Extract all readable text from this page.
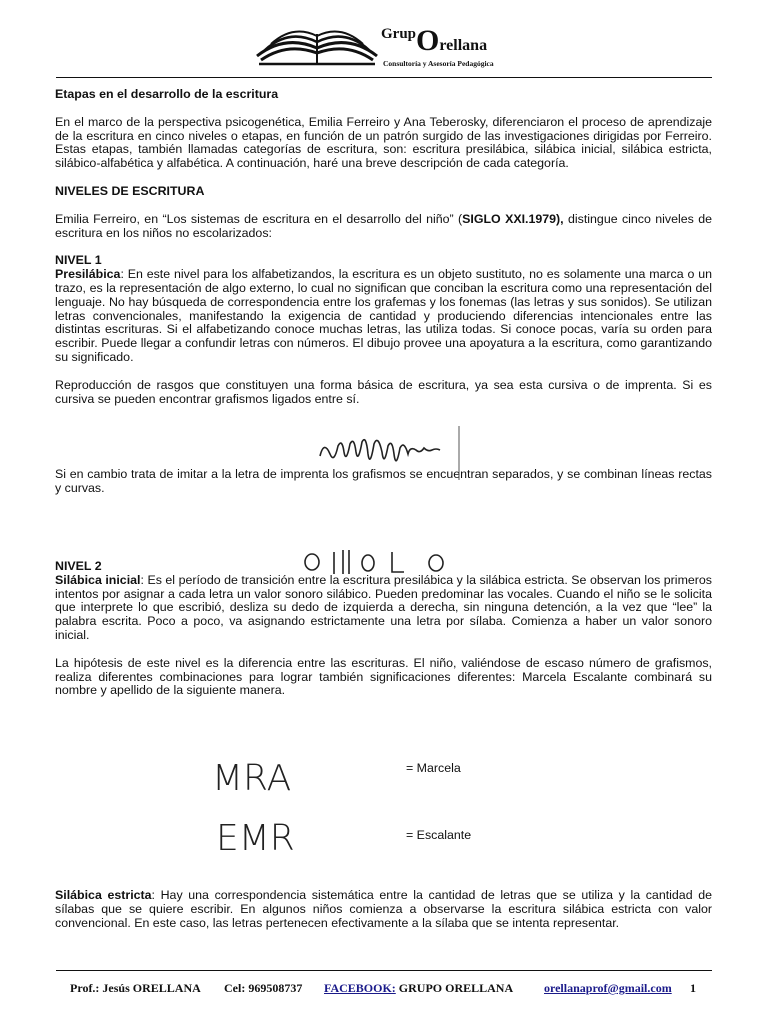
GrupOrellana
Consultoría y Asesoría Pedagógica

Etapas en el desarrollo de la escritura

En el marco de la perspectiva psicogenética, Emilia Ferreiro y Ana Teberosky, diferenciaron el proceso de aprendizaje de la escritura en cinco niveles o etapas, en función de un patrón surgido de las investigaciones dirigidas por Ferreiro. Estas etapas, también llamadas categorías de escritura, son: escritura presilábica, silábica inicial, silábica estricta, silábico-alfabética y alfabética. A continuación, haré una breve descripción de cada categoría.

NIVELES DE ESCRITURA

Emilia Ferreiro, en “Los sistemas de escritura en el desarrollo del niño” (SIGLO XXI.1979), distingue cinco niveles de escritura en los niños no escolarizados:

NIVEL 1

Presilábica: En este nivel para los alfabetizandos, la escritura es un objeto sustituto, no es solamente una marca o un trazo, es la representación de algo externo, lo cual no significan que conciban la escritura como una representación del lenguaje. No hay búsqueda de correspondencia entre los grafemas y los fonemas (las letras y sus sonidos). Se utilizan letras convencionales, manifestando la exigencia de cantidad y produciendo diferencias intencionales entre las distintas escrituras. Si el alfabetizando conoce muchas letras, las utiliza todas. Si conoce pocas, varía su orden para escribir. Puede llegar a confundir letras con números. El dibujo provee una apoyatura a la escritura, como garantizando su significado.

Reproducción de rasgos que constituyen una forma básica de escritura, ya sea esta cursiva o de imprenta. Si es cursiva se pueden encontrar grafismos ligados entre sí.

Si en cambio trata de imitar a la letra de imprenta los grafismos se encuentran separados, y se combinan líneas rectas y curvas.

NIVEL 2

Silábica inicial: Es el período de transición entre la escritura presilábica y la silábica estricta. Se observan los primeros intentos por asignar a cada letra un valor sonoro silábico. Pueden predominar las vocales. Cuando el niño se le solicita que interprete lo que escribió, desliza su dedo de izquierda a derecha, sin ninguna detención, a la vez que “lee” la palabra escrita. Poco a poco, va asignando estrictamente una letra por sílaba. Comienza a haber un valor sonoro inicial.

La hipótesis de este nivel es la diferencia entre las escrituras. El niño, valiéndose de escaso número de grafismos, realiza diferentes combinaciones para lograr también significaciones diferentes: Marcela Escalante combinará su nombre y apellido de la siguiente manera.

MRA	= Marcela
EMR	= Escalante

Silábica estricta: Hay una correspondencia sistemática entre la cantidad de letras que se utiliza y la cantidad de sílabas que se quiere escribir. En algunos niños comienza a observarse la escritura silábica estricta con valor convencional. En este caso, las letras pertenecen efectivamente a la sílaba que se intenta representar.

Prof.: Jesús ORELLANA Cel: 969508737 FACEBOOK: GRUPO ORELLANA	orellanaprof@gmail.com 1
